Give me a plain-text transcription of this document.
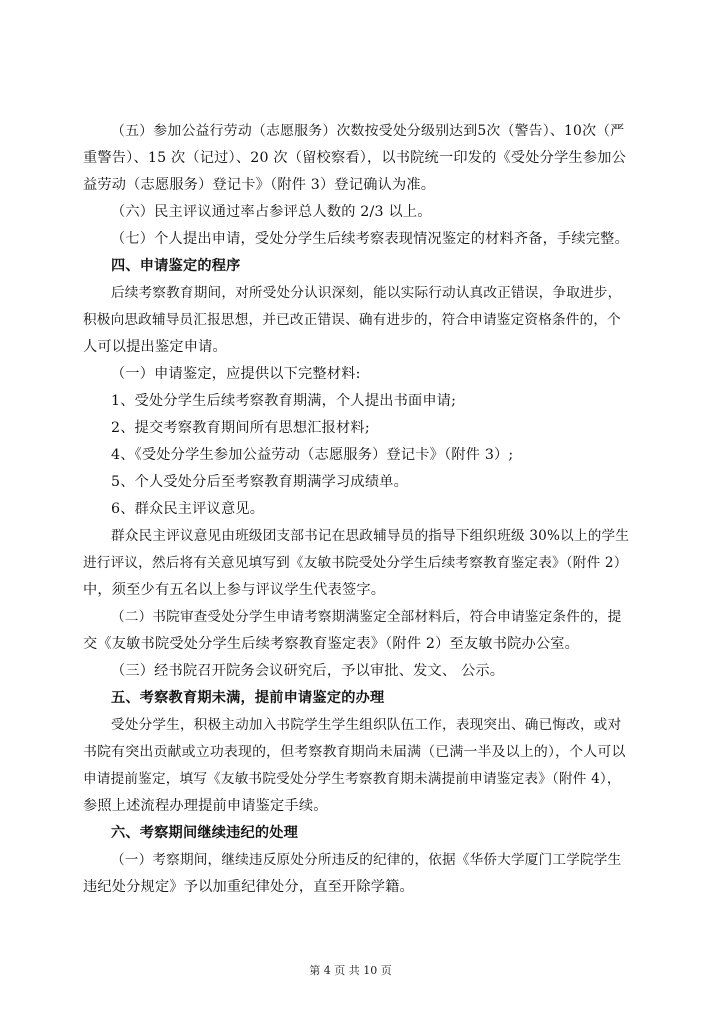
（五）参加公益行劳动（志愿服务）次数按受处分级别达到5次（警告）、10次（严
重警告）、15 次（记过）、20 次（留校察看），以书院统一印发的《受处分学生参加公
益劳动（志愿服务）登记卡》（附件 3）登记确认为准。
（六）民主评议通过率占参评总人数的 2/3 以上。
（七）个人提出申请，受处分学生后续考察表现情况鉴定的材料齐备，手续完整。
四、申请鉴定的程序
后续考察教育期间，对所受处分认识深刻，能以实际行动认真改正错误，争取进步，
积极向思政辅导员汇报思想，并已改正错误、确有进步的，符合申请鉴定资格条件的，个
人可以提出鉴定申请。
（一）申请鉴定，应提供以下完整材料:
1、受处分学生后续考察教育期满，个人提出书面申请;
2、提交考察教育期间所有思想汇报材料;
4、《受处分学生参加公益劳动（志愿服务）登记卡》（附件 3）;
5、个人受处分后至考察教育期满学习成绩单。
6、群众民主评议意见。
群众民主评议意见由班级团支部书记在思政辅导员的指导下组织班级 30%以上的学生
进行评议，然后将有关意见填写到《友敏书院受处分学生后续考察教育鉴定表》（附件 2）
中，须至少有五名以上参与评议学生代表签字。
（二）书院审查受处分学生申请考察期满鉴定全部材料后，符合申请鉴定条件的，提
交《友敏书院受处分学生后续考察教育鉴定表》（附件 2）至友敏书院办公室。
（三）经书院召开院务会议研究后，予以审批、发文、 公示。
五、考察教育期未满，提前申请鉴定的办理
受处分学生，积极主动加入书院学生学生组织队伍工作，表现突出、确已悔改，或对
书院有突出贡献或立功表现的，但考察教育期尚未届满（已满一半及以上的），个人可以
申请提前鉴定，填写《友敏书院受处分学生考察教育期未满提前申请鉴定表》（附件 4），
参照上述流程办理提前申请鉴定手续。
六、考察期间继续违纪的处理
（一）考察期间，继续违反原处分所违反的纪律的，依据《华侨大学厦门工学院学生
违纪处分规定》予以加重纪律处分，直至开除学籍。
第 4 页 共 10 页
